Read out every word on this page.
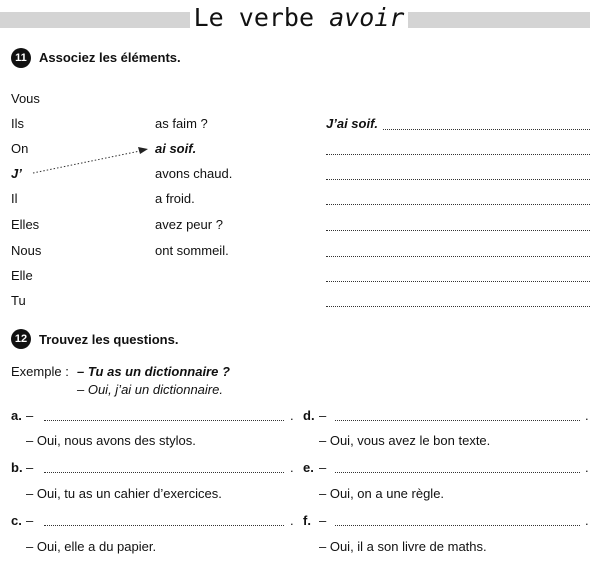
Le verbe avoir
11 Associez les éléments.
Vous
Ils
On
J’
Il
Elles
Nous
Elle
Tu
as faim ?
ai soif.
avons chaud.
a froid.
avez peur ?
ont sommeil.
J’ai soif.
12 Trouvez les questions.
Exemple : – Tu as un dictionnaire ?
– Oui, j’ai un dictionnaire.
a. –	. d. –	.
– Oui, nous avons des stylos.	– Oui, vous avez le bon texte.
b. –	. e. –	.
– Oui, tu as un cahier d’exercices.	– Oui, on a une règle.
c. –	. f. –	.
– Oui, elle a du papier.	– Oui, il a son livre de maths.
